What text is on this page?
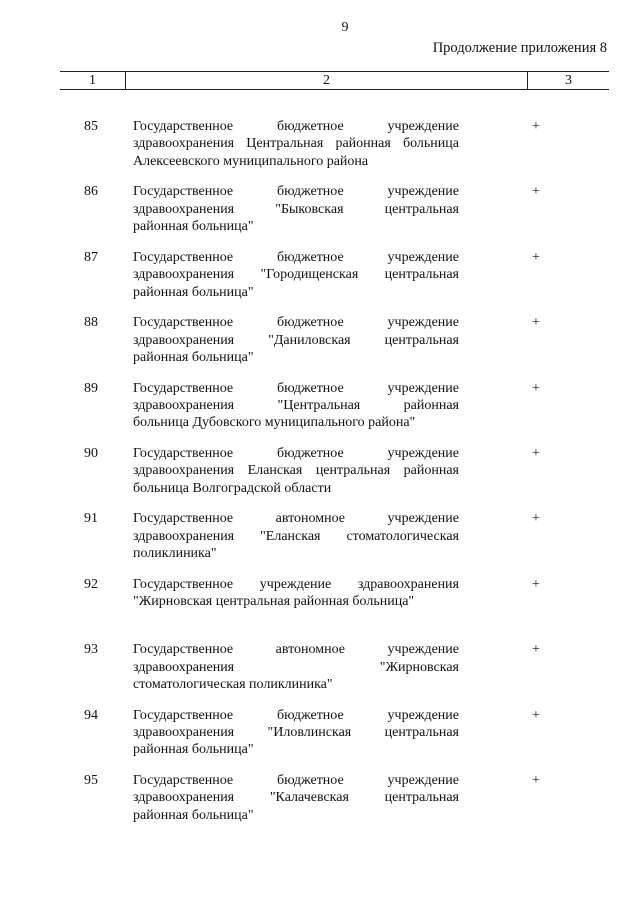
9
Продолжение приложения 8
1	2	3
85	Государственное бюджетное учреждение
здравоохранения Центральная районная больница
Алексеевского муниципального района
+
86	Государственное бюджетное учреждение
здравоохранения "Быковская центральная
районная больница"
+
87	Государственное бюджетное учреждение
здравоохранения "Городищенская центральная
районная больница"
+
88	Государственное бюджетное учреждение
здравоохранения "Даниловская центральная
районная больница"
+
89	Государственное бюджетное учреждение
здравоохранения "Центральная районная
больница Дубовского муниципального района"
+
90	Государственное бюджетное учреждение
здравоохранения Еланская центральная районная
больница Волгоградской области
+
91	Государственное автономное учреждение
здравоохранения "Еланская стоматологическая
поликлиника"
+
92	Государственное учреждение здравоохранения
"Жирновская центральная районная больница"
+
93	Государственное автономное учреждение
здравоохранения "Жирновская
стоматологическая поликлиника"
+
94	Государственное бюджетное учреждение
здравоохранения "Иловлинская центральная
районная больница"
+
95	Государственное бюджетное учреждение
здравоохранения "Калачевская центральная
районная больница"
+
